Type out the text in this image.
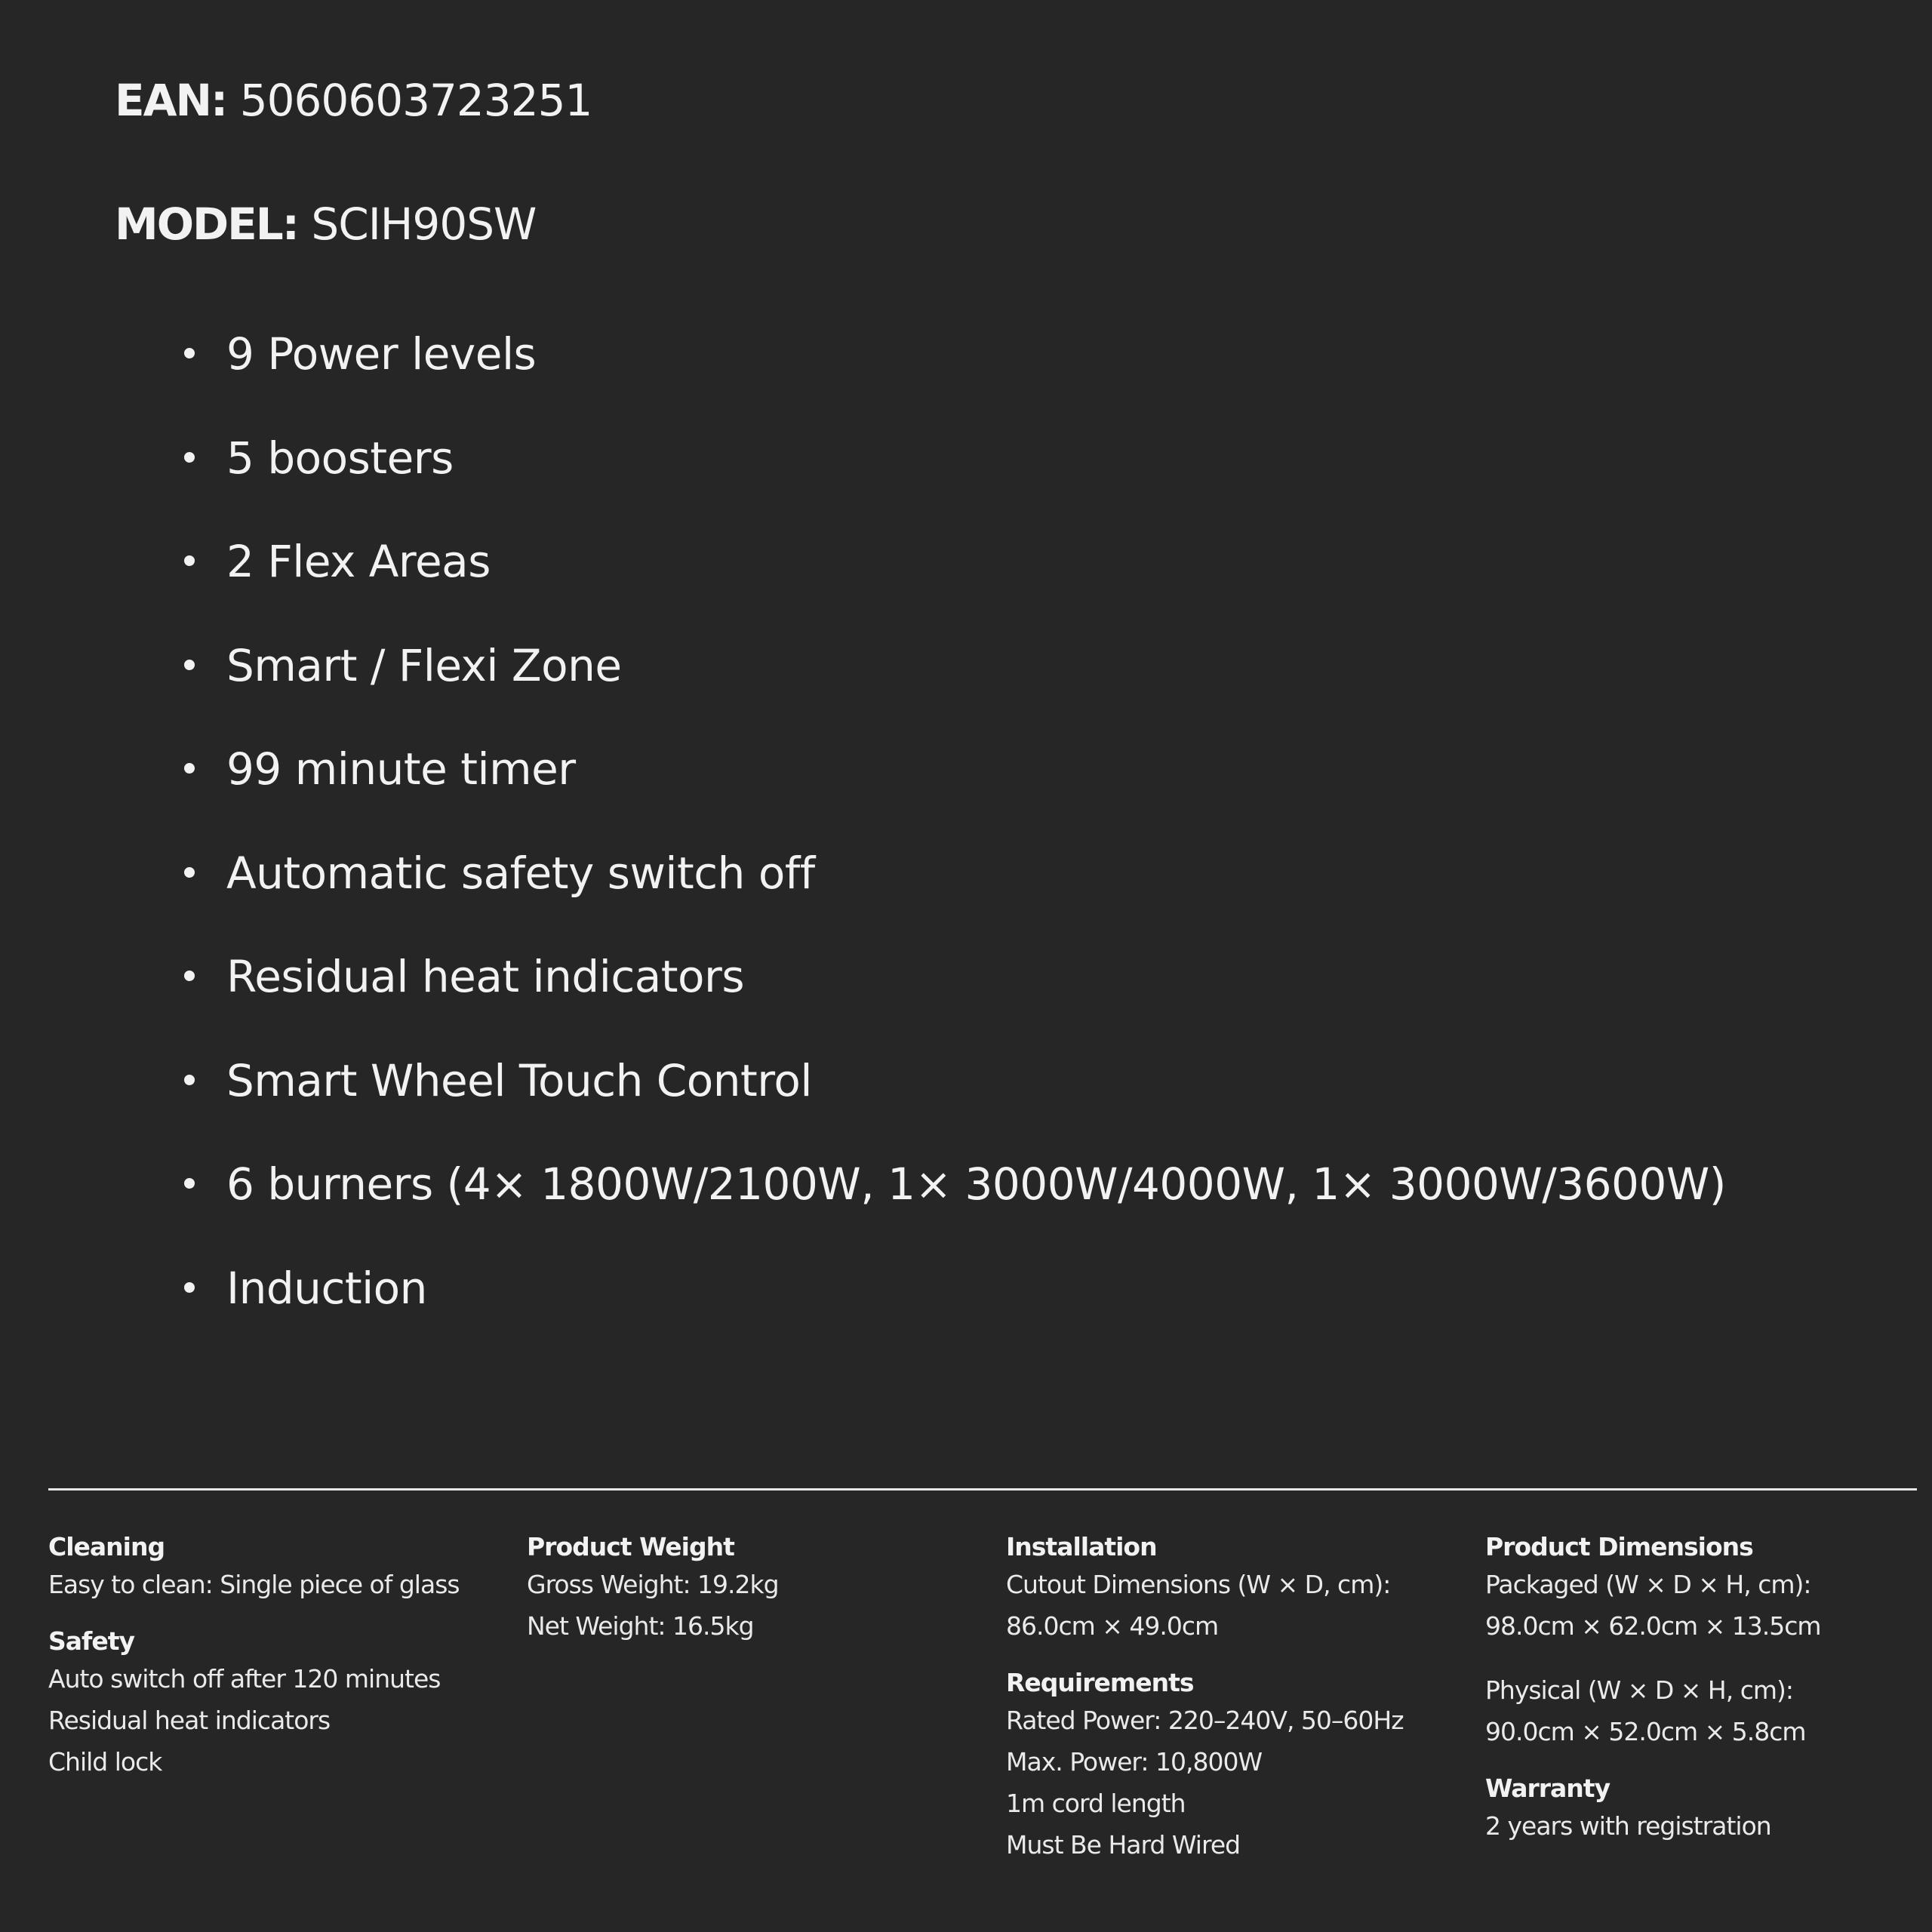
EAN: 5060603723251

MODEL: SCIH90SW

9 Power levels
5 boosters
2 Flex Areas
Smart / Flexi Zone
99 minute timer
Automatic safety switch off
Residual heat indicators
Smart Wheel Touch Control
6 burners (4× 1800W/2100W, 1× 3000W/4000W, 1× 3000W/3600W)
Induction
Cleaning
Easy to clean: Single piece of glass
Safety
Auto switch off after 120 minutes
Residual heat indicators
Child lock
Product Weight
Gross Weight: 19.2kg
Net Weight: 16.5kg
Installation
Cutout Dimensions (W × D, cm):
86.0cm × 49.0cm
Requirements
Rated Power: 220–240V, 50–60Hz
Max. Power: 10,800W
1m cord length
Must Be Hard Wired
Product Dimensions
Packaged (W × D × H, cm):
98.0cm × 62.0cm × 13.5cm
Physical (W × D × H, cm):
90.0cm × 52.0cm × 5.8cm
Warranty
2 years with registration
